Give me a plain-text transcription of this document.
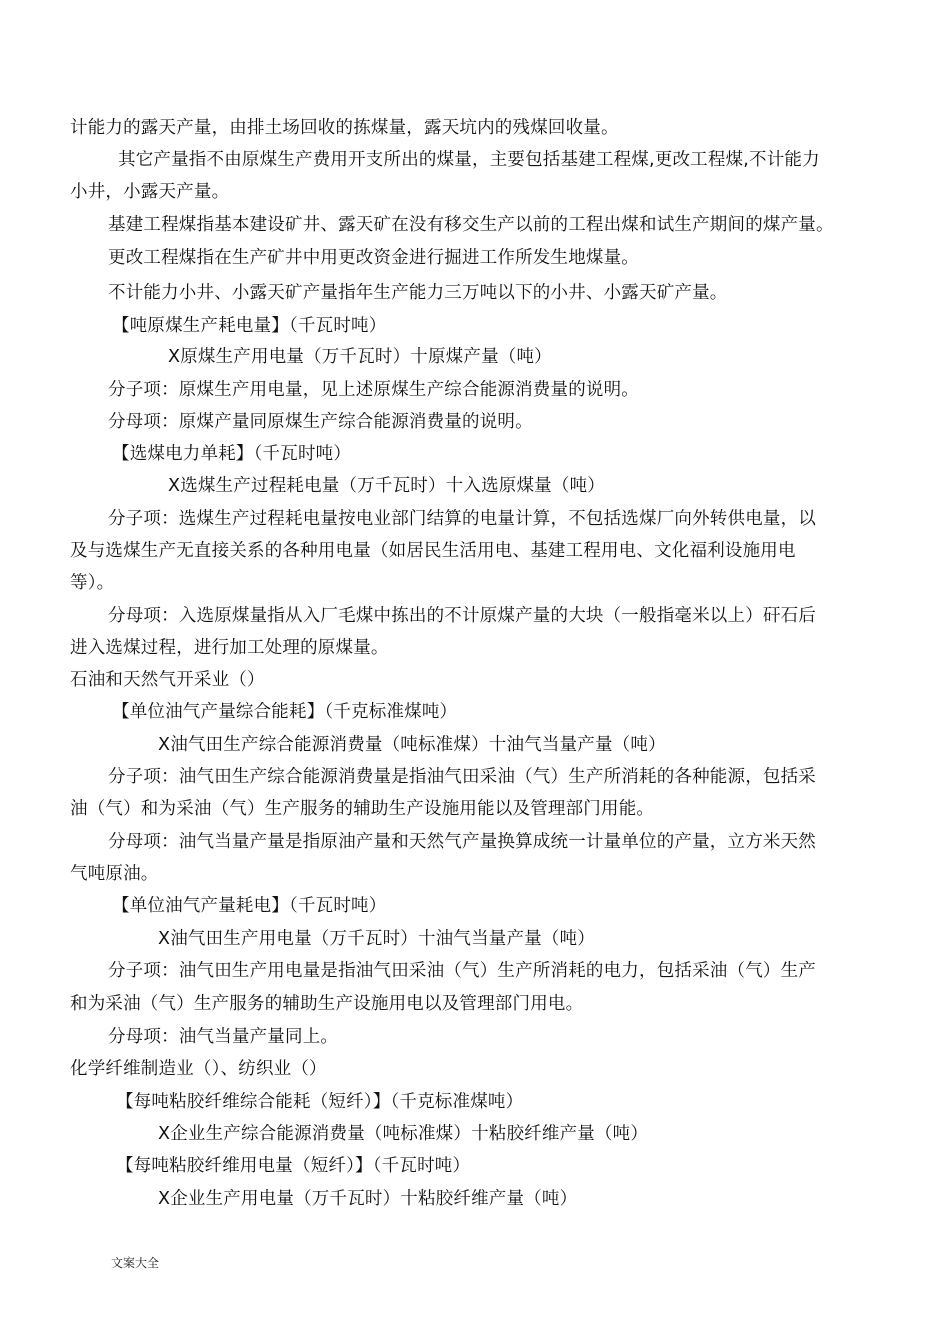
计能力的露天产量，由排土场回收的拣煤量，露天坑内的残煤回收量。
其它产量指不由原煤生产费用开支所出的煤量，主要包括基建工程煤,更改工程煤,不计能力
小井，小露天产量。
基建工程煤指基本建设矿井、露天矿在没有移交生产以前的工程出煤和试生产期间的煤产量。
更改工程煤指在生产矿井中用更改资金进行掘进工作所发生地煤量。
不计能力小井、小露天矿产量指年生产能力三万吨以下的小井、小露天矿产量。
【吨原煤生产耗电量】（千瓦时吨）
X原煤生产用电量（万千瓦时）十原煤产量（吨）
分子项：原煤生产用电量，见上述原煤生产综合能源消费量的说明。
分母项：原煤产量同原煤生产综合能源消费量的说明。
【选煤电力单耗】（千瓦时吨）
X选煤生产过程耗电量（万千瓦时）十入选原煤量（吨）
分子项：选煤生产过程耗电量按电业部门结算的电量计算，不包括选煤厂向外转供电量，以
及与选煤生产无直接关系的各种用电量（如居民生活用电、基建工程用电、文化福利设施用电
等）。
分母项：入选原煤量指从入厂毛煤中拣出的不计原煤产量的大块（一般指毫米以上）矸石后
进入选煤过程，进行加工处理的原煤量。
石油和天然气开采业（）
【单位油气产量综合能耗】（千克标准煤吨）
X油气田生产综合能源消费量（吨标准煤）十油气当量产量（吨）
分子项：油气田生产综合能源消费量是指油气田采油（气）生产所消耗的各种能源，包括采
油（气）和为采油（气）生产服务的辅助生产设施用能以及管理部门用能。
分母项：油气当量产量是指原油产量和天然气产量换算成统一计量单位的产量，立方米天然
气吨原油。
【单位油气产量耗电】（千瓦时吨）
X油气田生产用电量（万千瓦时）十油气当量产量（吨）
分子项：油气田生产用电量是指油气田采油（气）生产所消耗的电力，包括采油（气）生产
和为采油（气）生产服务的辅助生产设施用电以及管理部门用电。
分母项：油气当量产量同上。
化学纤维制造业（）、纺织业（）
【每吨粘胶纤维综合能耗（短纤）】（千克标准煤吨）
X企业生产综合能源消费量（吨标准煤）十粘胶纤维产量（吨）
【每吨粘胶纤维用电量（短纤）】（千瓦时吨）
X企业生产用电量（万千瓦时）十粘胶纤维产量（吨）
文案大全
